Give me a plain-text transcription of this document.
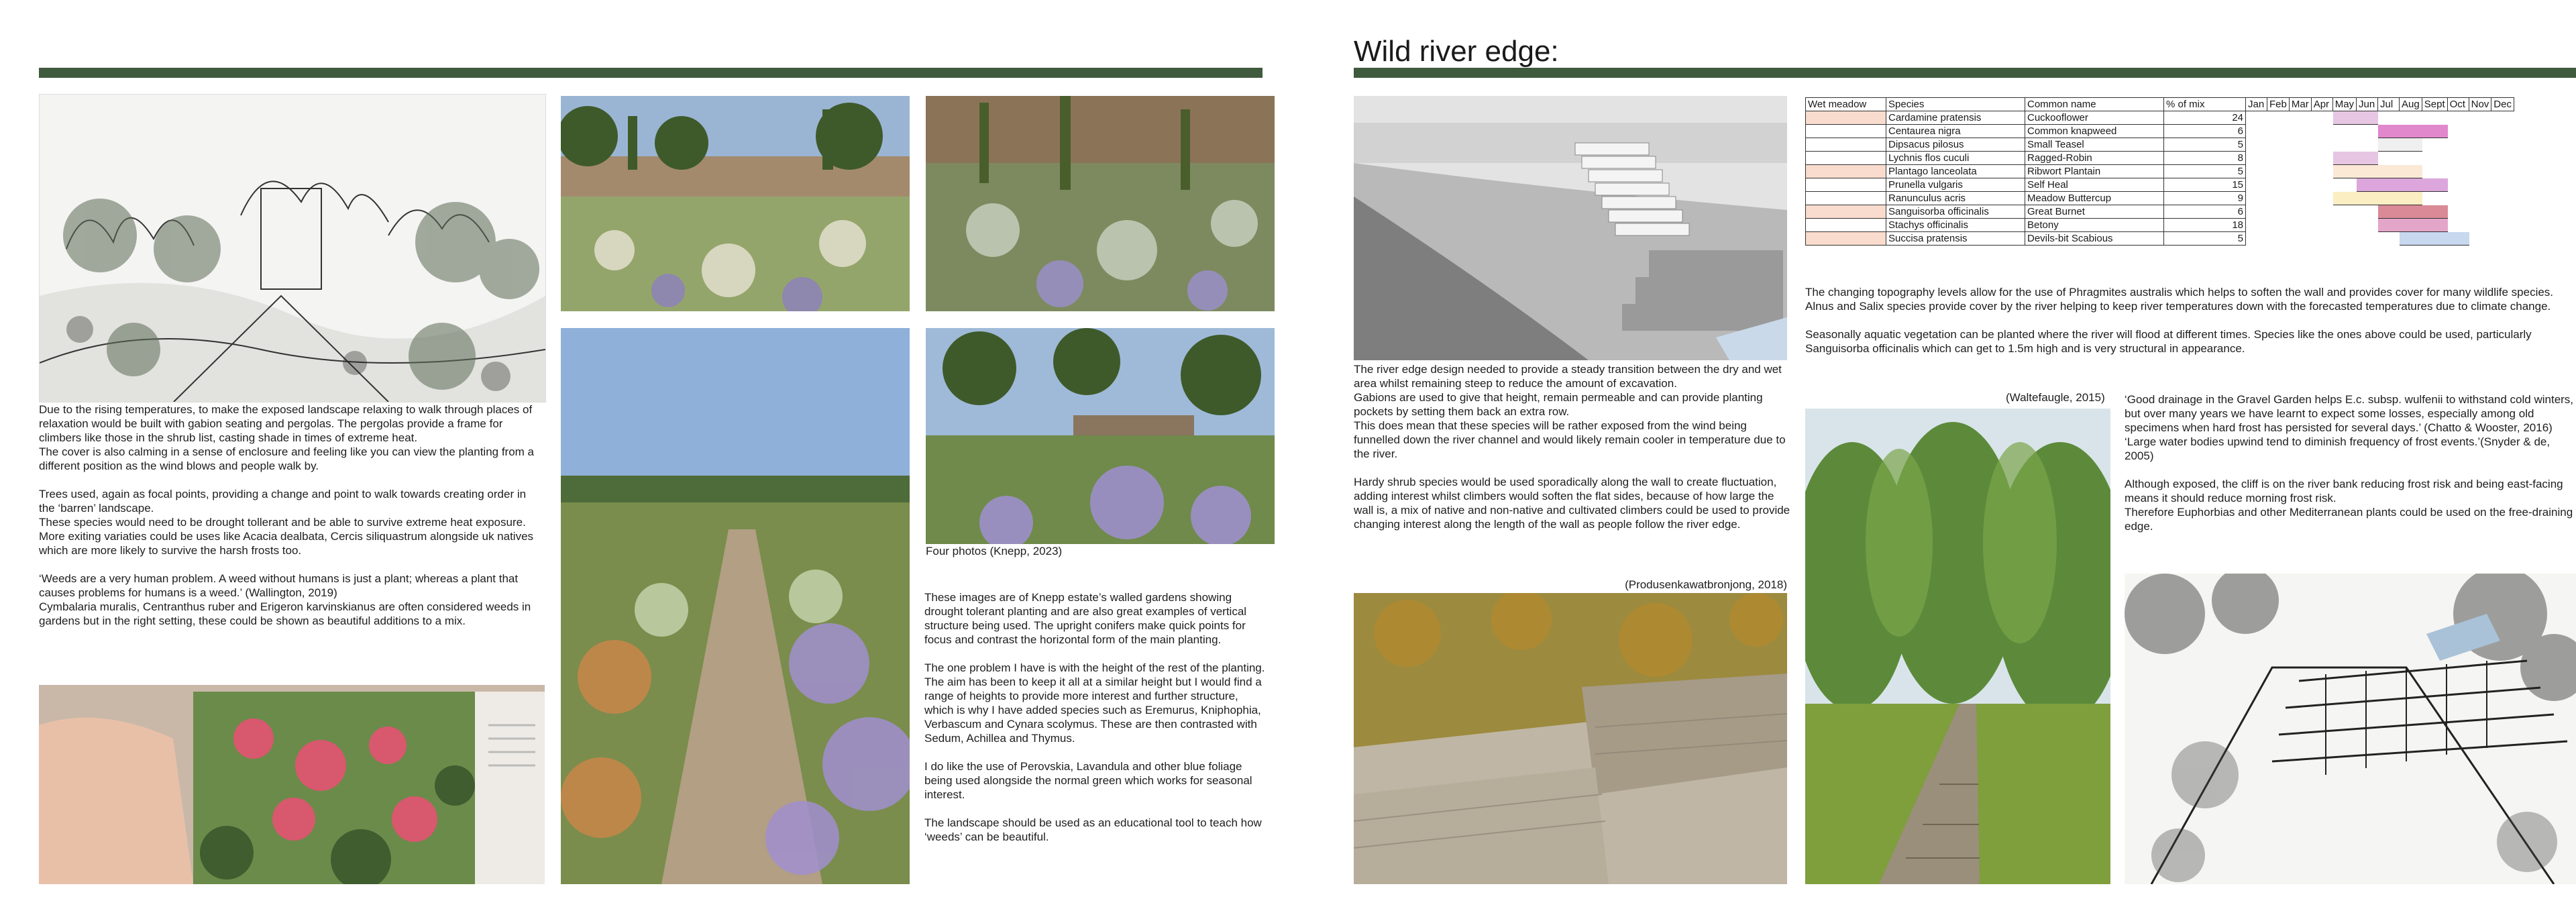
Due to the rising temperatures, to make the exposed landscape relaxing to walk through places of relaxation would be built with gabion seating and pergolas. The pergolas provide a frame for climbers like those in the shrub list, casting shade in times of extreme heat.

The cover is also calming in a sense of enclosure and feeling like you can view the planting from a different position as the wind blows and people walk by.

Trees used, again as focal points, providing a change and point to walk towards creating order in the ‘barren’ landscape.

These species would need to be drought tollerant and be able to survive extreme heat exposure.

More exiting variaties could be uses like Acacia dealbata, Cercis siliquastrum alongside uk natives which are more likely to survive the harsh frosts too.

‘Weeds are a very human problem. A weed without humans is just a plant; whereas a plant that causes problems for humans is a weed.’ (Wallington, 2019)

Cymbalaria muralis, Centranthus ruber and Erigeron karvinskianus are often considered weeds in gardens but in the right setting, these could be shown as beautiful additions to a mix.

Four photos (Knepp, 2023)

These images are of Knepp estate’s walled gardens showing drought tolerant planting and are also great examples of vertical structure being used. The upright conifers make quick points for focus and contrast the horizontal form of the main planting.

The one problem I have is with the height of the rest of the planting. The aim has been to keep it all at a similar height but I would find a range of heights to provide more interest and further structure, which is why I have added species such as Eremurus, Kniphophia, Verbascum and Cynara scolymus. These are then contrasted with Sedum, Achillea and Thymus.

I do like the use of Perovskia, Lavandula and other blue foliage being used alongside the normal green which works for seasonal interest.

The landscape should be used as an educational tool to teach how ‘weeds’ can be beautiful.

Wild river edge:

The river edge design needed to provide a steady transition between the dry and wet area whilst remaining steep to reduce the amount of excavation.

Gabions are used to give that height, remain permeable and can provide planting pockets by setting them back an extra row.

This does mean that these species will be rather exposed from the wind being funnelled down the river channel and would likely remain cooler in temperature due to the river.

Hardy shrub species would be used sporadically along the wall to create fluctuation, adding interest whilst climbers would soften the flat sides, because of how large the wall is, a mix of native and non-native and cultivated climbers could be used to provide changing interest along the length of the wall as people follow the river edge.

(Produsenkawatbronjong, 2018)
Wet meadow	Species	Common name	% of mix	Jan	Feb	Mar	Apr	May	Jun	Jul	Aug	Sept	Oct	Nov	Dec
	Cardamine pratensis	Cuckooflower	24												
	Centaurea nigra	Common knapweed	6												
	Dipsacus pilosus	Small Teasel	5												
	Lychnis flos cuculi	Ragged-Robin	8												
	Plantago lanceolata	Ribwort Plantain	5												
	Prunella vulgaris	Self Heal	15												
	Ranunculus acris	Meadow Buttercup	9												
	Sanguisorba officinalis	Great Burnet	6												
	Stachys officinalis	Betony	18												
	Succisa pratensis	Devils-bit Scabious	5												

The changing topography levels allow for the use of Phragmites australis which helps to soften the wall and provides cover for many wildlife species. Alnus and Salix species provide cover by the river helping to keep river temperatures down with the forecasted temperatures due to climate change.

Seasonally aquatic vegetation can be planted where the river will flood at different times. Species like the ones above could be used, particularly Sanguisorba officinalis which can get to 1.5m high and is very structural in appearance.

(Waltefaugle, 2015) ‘Good drainage in the Gravel Garden helps E.c. subsp. wulfenii to withstand cold winters, but over many years we have learnt to expect some losses, especially among old specimens when hard frost has persisted for several days.’ (Chatto & Wooster, 2016)

‘Large water bodies upwind tend to diminish frequency of frost events.’(Snyder & de, 2005)

Although exposed, the cliff is on the river bank reducing frost risk and being east-facing means it should reduce morning frost risk.

Therefore Euphorbias and other Mediterranean plants could be used on the free-draining edge.
